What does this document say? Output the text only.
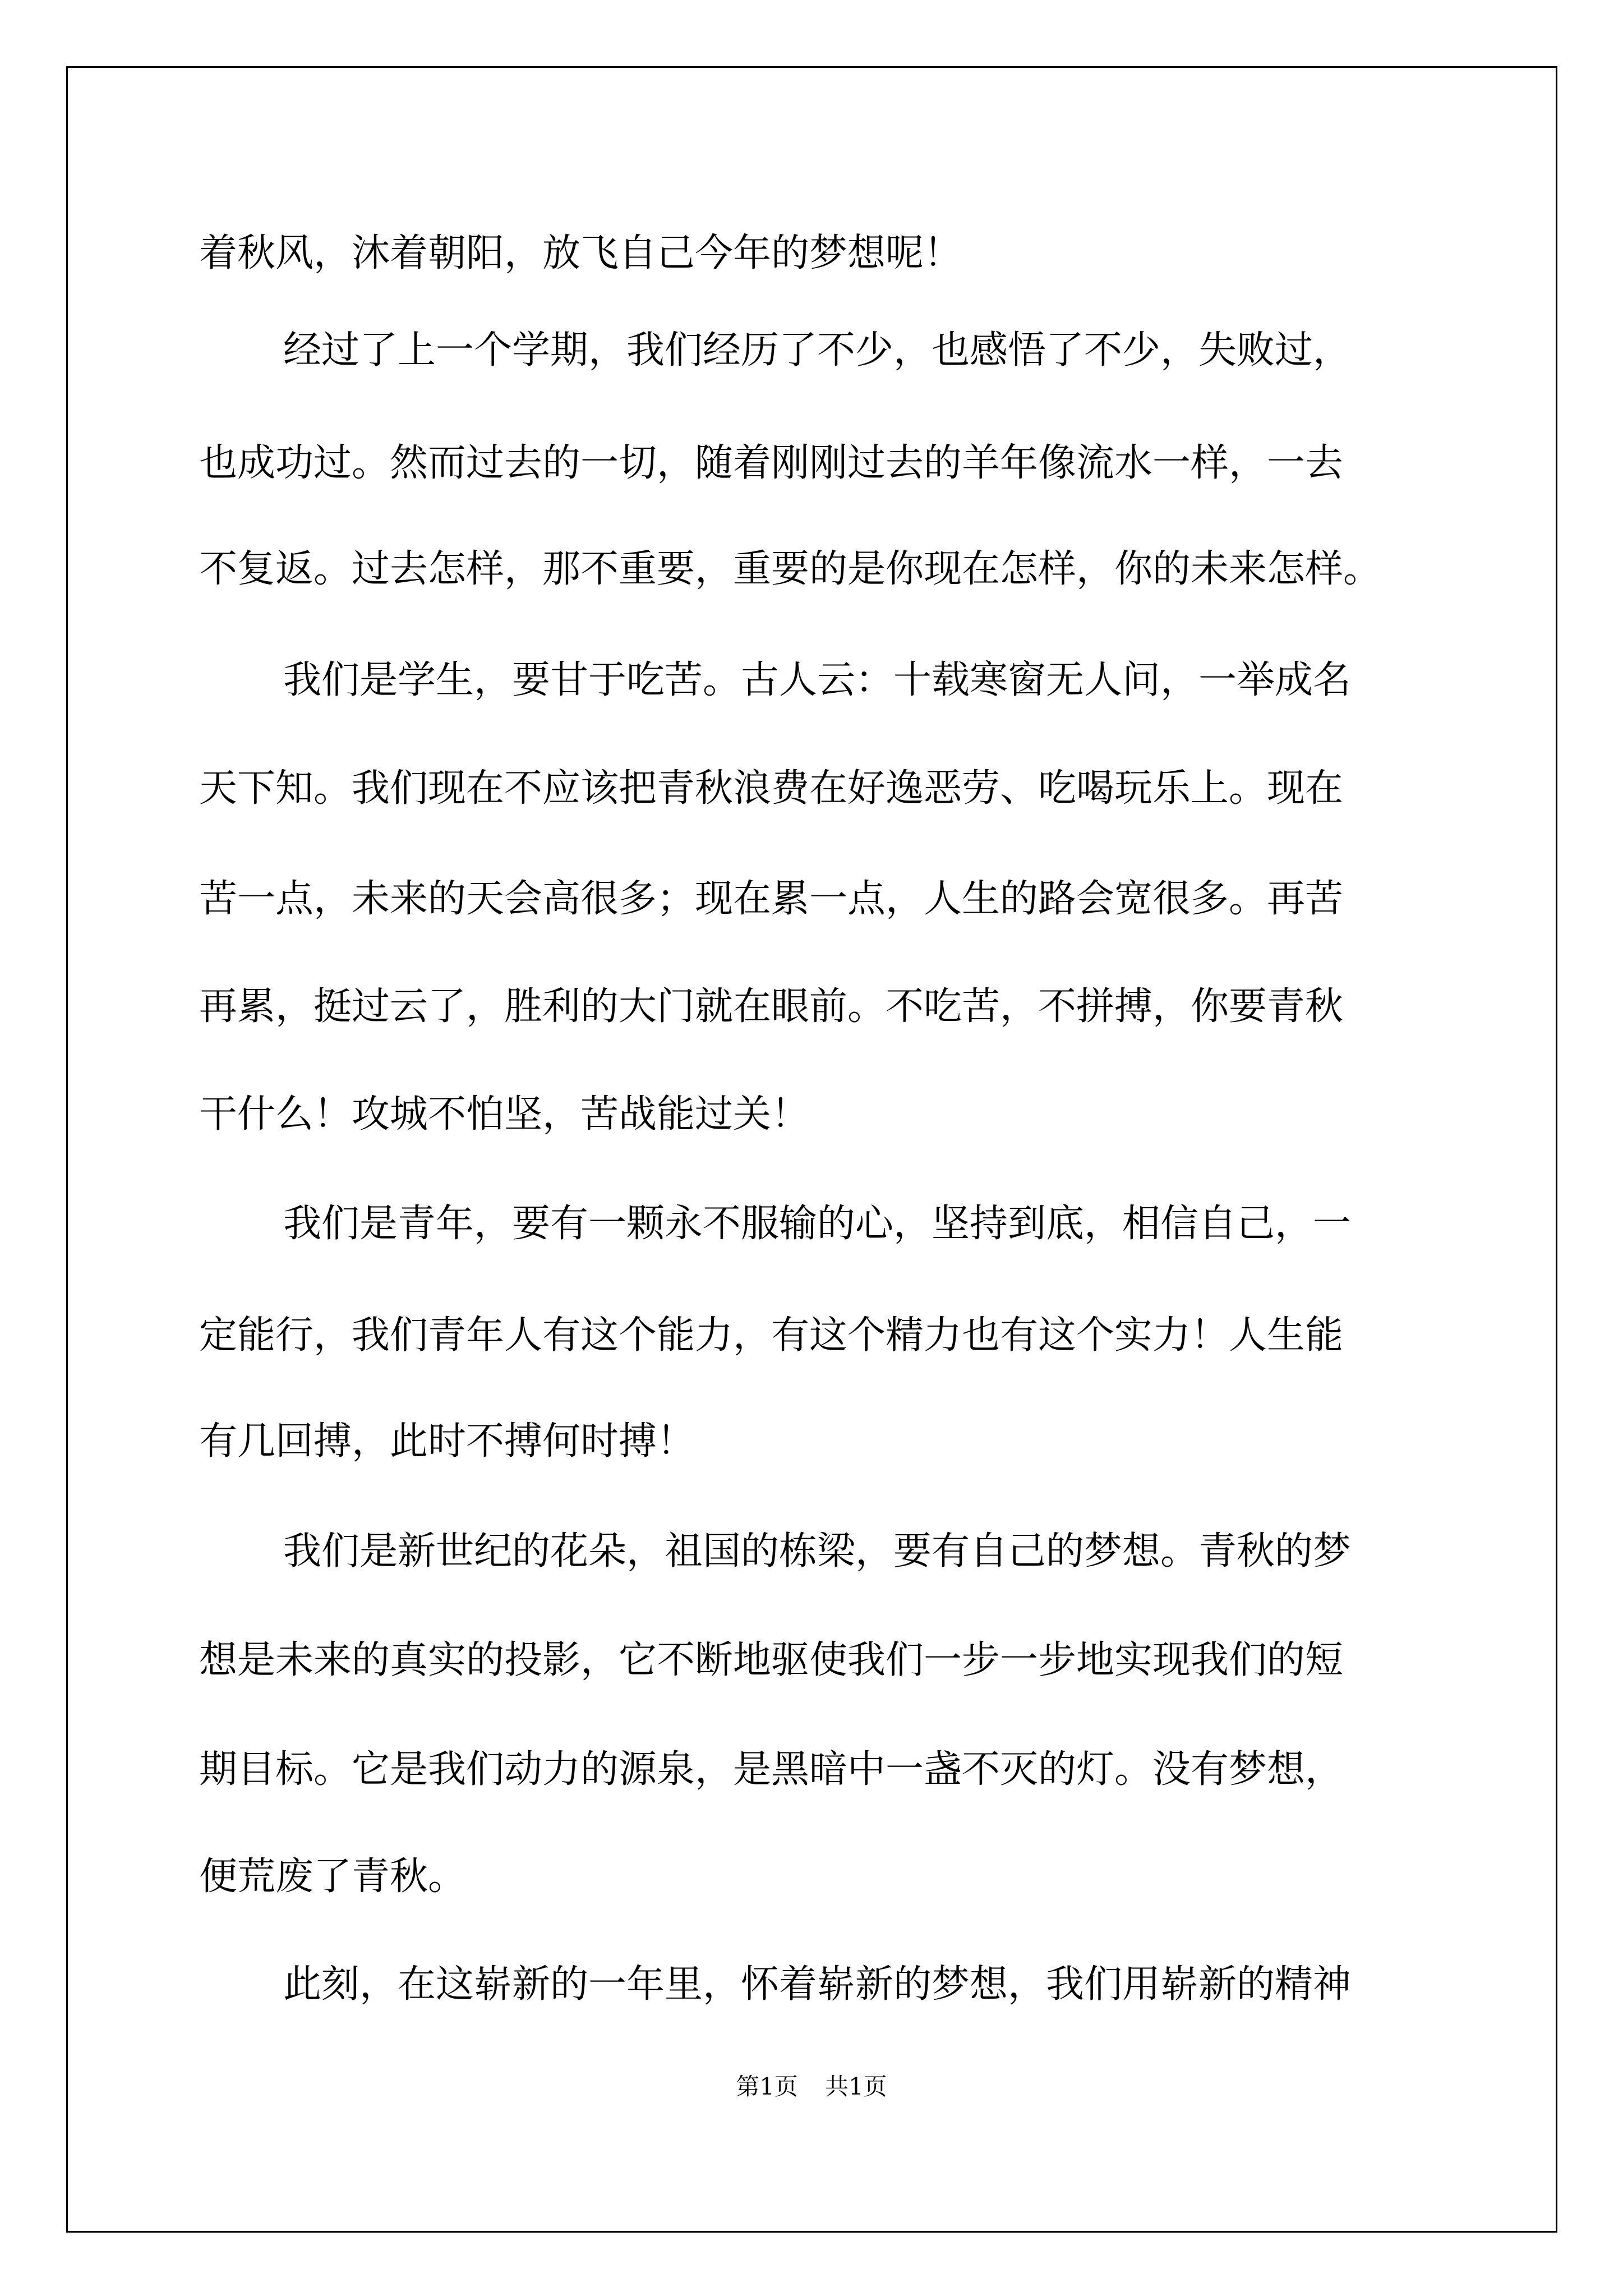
着秋风，沐着朝阳，放飞自己今年的梦想呢！

经过了上一个学期，我们经历了不少，也感悟了不少，失败过，

也成功过。然而过去的一切，随着刚刚过去的羊年像流水一样，一去

不复返。过去怎样，那不重要，重要的是你现在怎样，你的未来怎样。

我们是学生，要甘于吃苦。古人云：十载寒窗无人问，一举成名

天下知。我们现在不应该把青秋浪费在好逸恶劳、吃喝玩乐上。现在

苦一点，未来的天会高很多；现在累一点，人生的路会宽很多。再苦

再累，挺过云了，胜利的大门就在眼前。不吃苦，不拼搏，你要青秋

干什么！攻城不怕坚，苦战能过关！

我们是青年，要有一颗永不服输的心，坚持到底，相信自己，一

定能行，我们青年人有这个能力，有这个精力也有这个实力！人生能

有几回搏，此时不搏何时搏！

我们是新世纪的花朵，祖国的栋梁，要有自己的梦想。青秋的梦

想是未来的真实的投影，它不断地驱使我们一步一步地实现我们的短

期目标。它是我们动力的源泉，是黑暗中一盏不灭的灯。没有梦想，

便荒废了青秋。

此刻，在这崭新的一年里，怀着崭新的梦想，我们用崭新的精神

第1页 共1页
